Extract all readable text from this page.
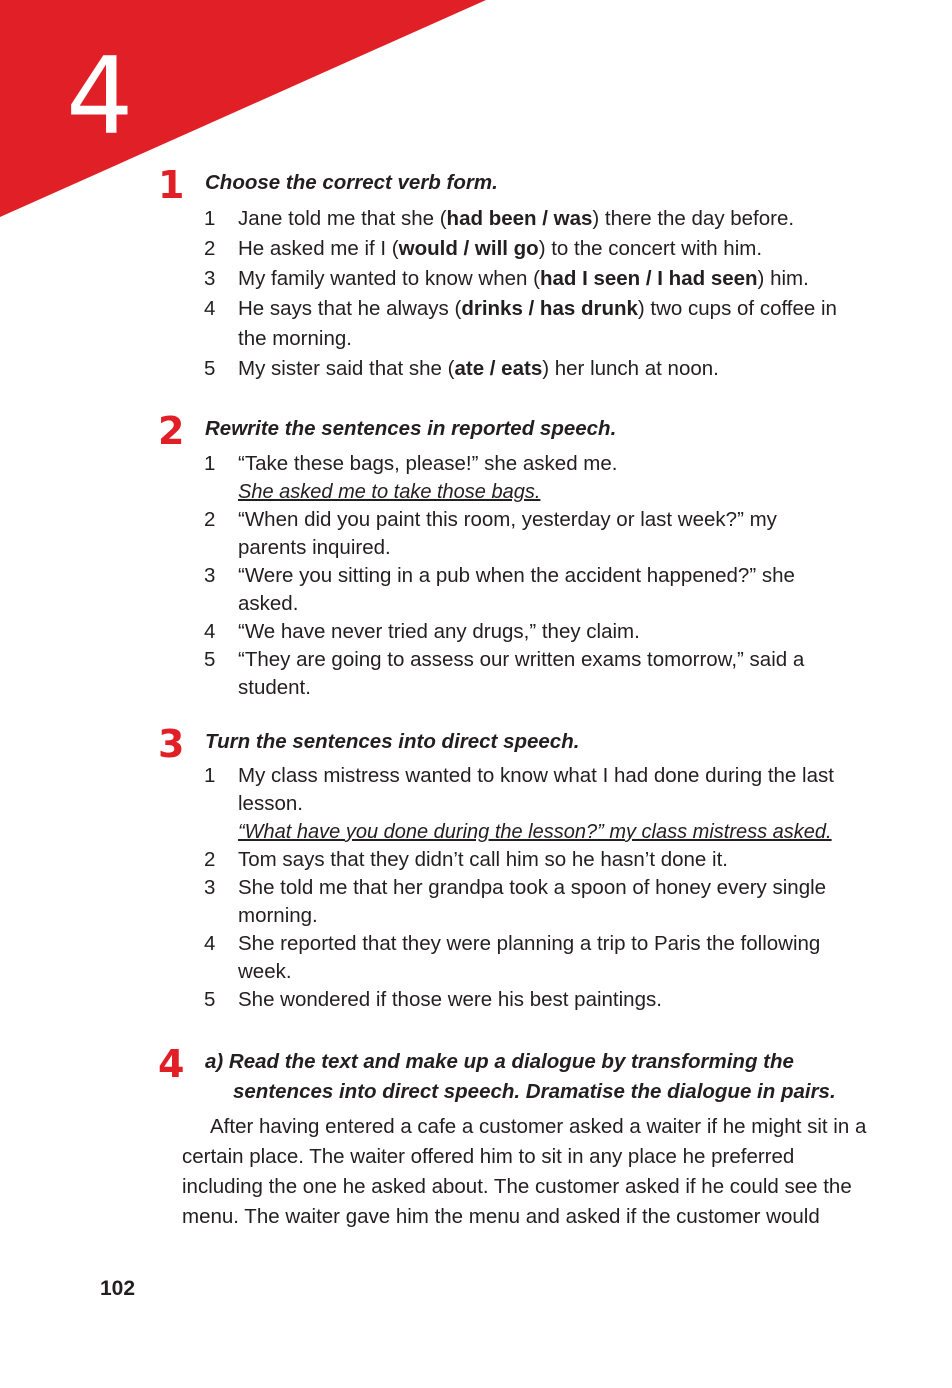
4
1 Choose the correct verb form.

1 Jane told me that she (had been / was) there the day before.
2 He asked me if I (would / will go) to the concert with him.
3 My family wanted to know when (had I seen / I had seen) him.
4 He says that he always (drinks / has drunk) two cups of coffee in the morning.
5 My sister said that she (ate / eats) her lunch at noon.
2 Rewrite the sentences in reported speech.

1 “Take these bags, please!” she asked me.
She asked me to take those bags.
2 “When did you paint this room, yesterday or last week?” my parents inquired.
3 “Were you sitting in a pub when the accident happened?” she asked.
4 “We have never tried any drugs,” they claim.
5 “They are going to assess our written exams tomorrow,” said a student.
3 Turn the sentences into direct speech.

1 My class mistress wanted to know what I had done during the last lesson.
“What have you done during the lesson?” my class mistress asked.
2 Tom says that they didn’t call him so he hasn’t done it.
3 She told me that her grandpa took a spoon of honey every single morning.
4 She reported that they were planning a trip to Paris the following week.
5 She wondered if those were his best paintings.
4 a) Read the text and make up a dialogue by transforming the
sentences into direct speech. Dramatise the dialogue in pairs.

After having entered a cafe a customer asked a waiter if he might sit in a certain place. The waiter offered him to sit in any place he preferred including the one he asked about. The customer asked if he could see the menu. The waiter gave him the menu and asked if the customer would

102
